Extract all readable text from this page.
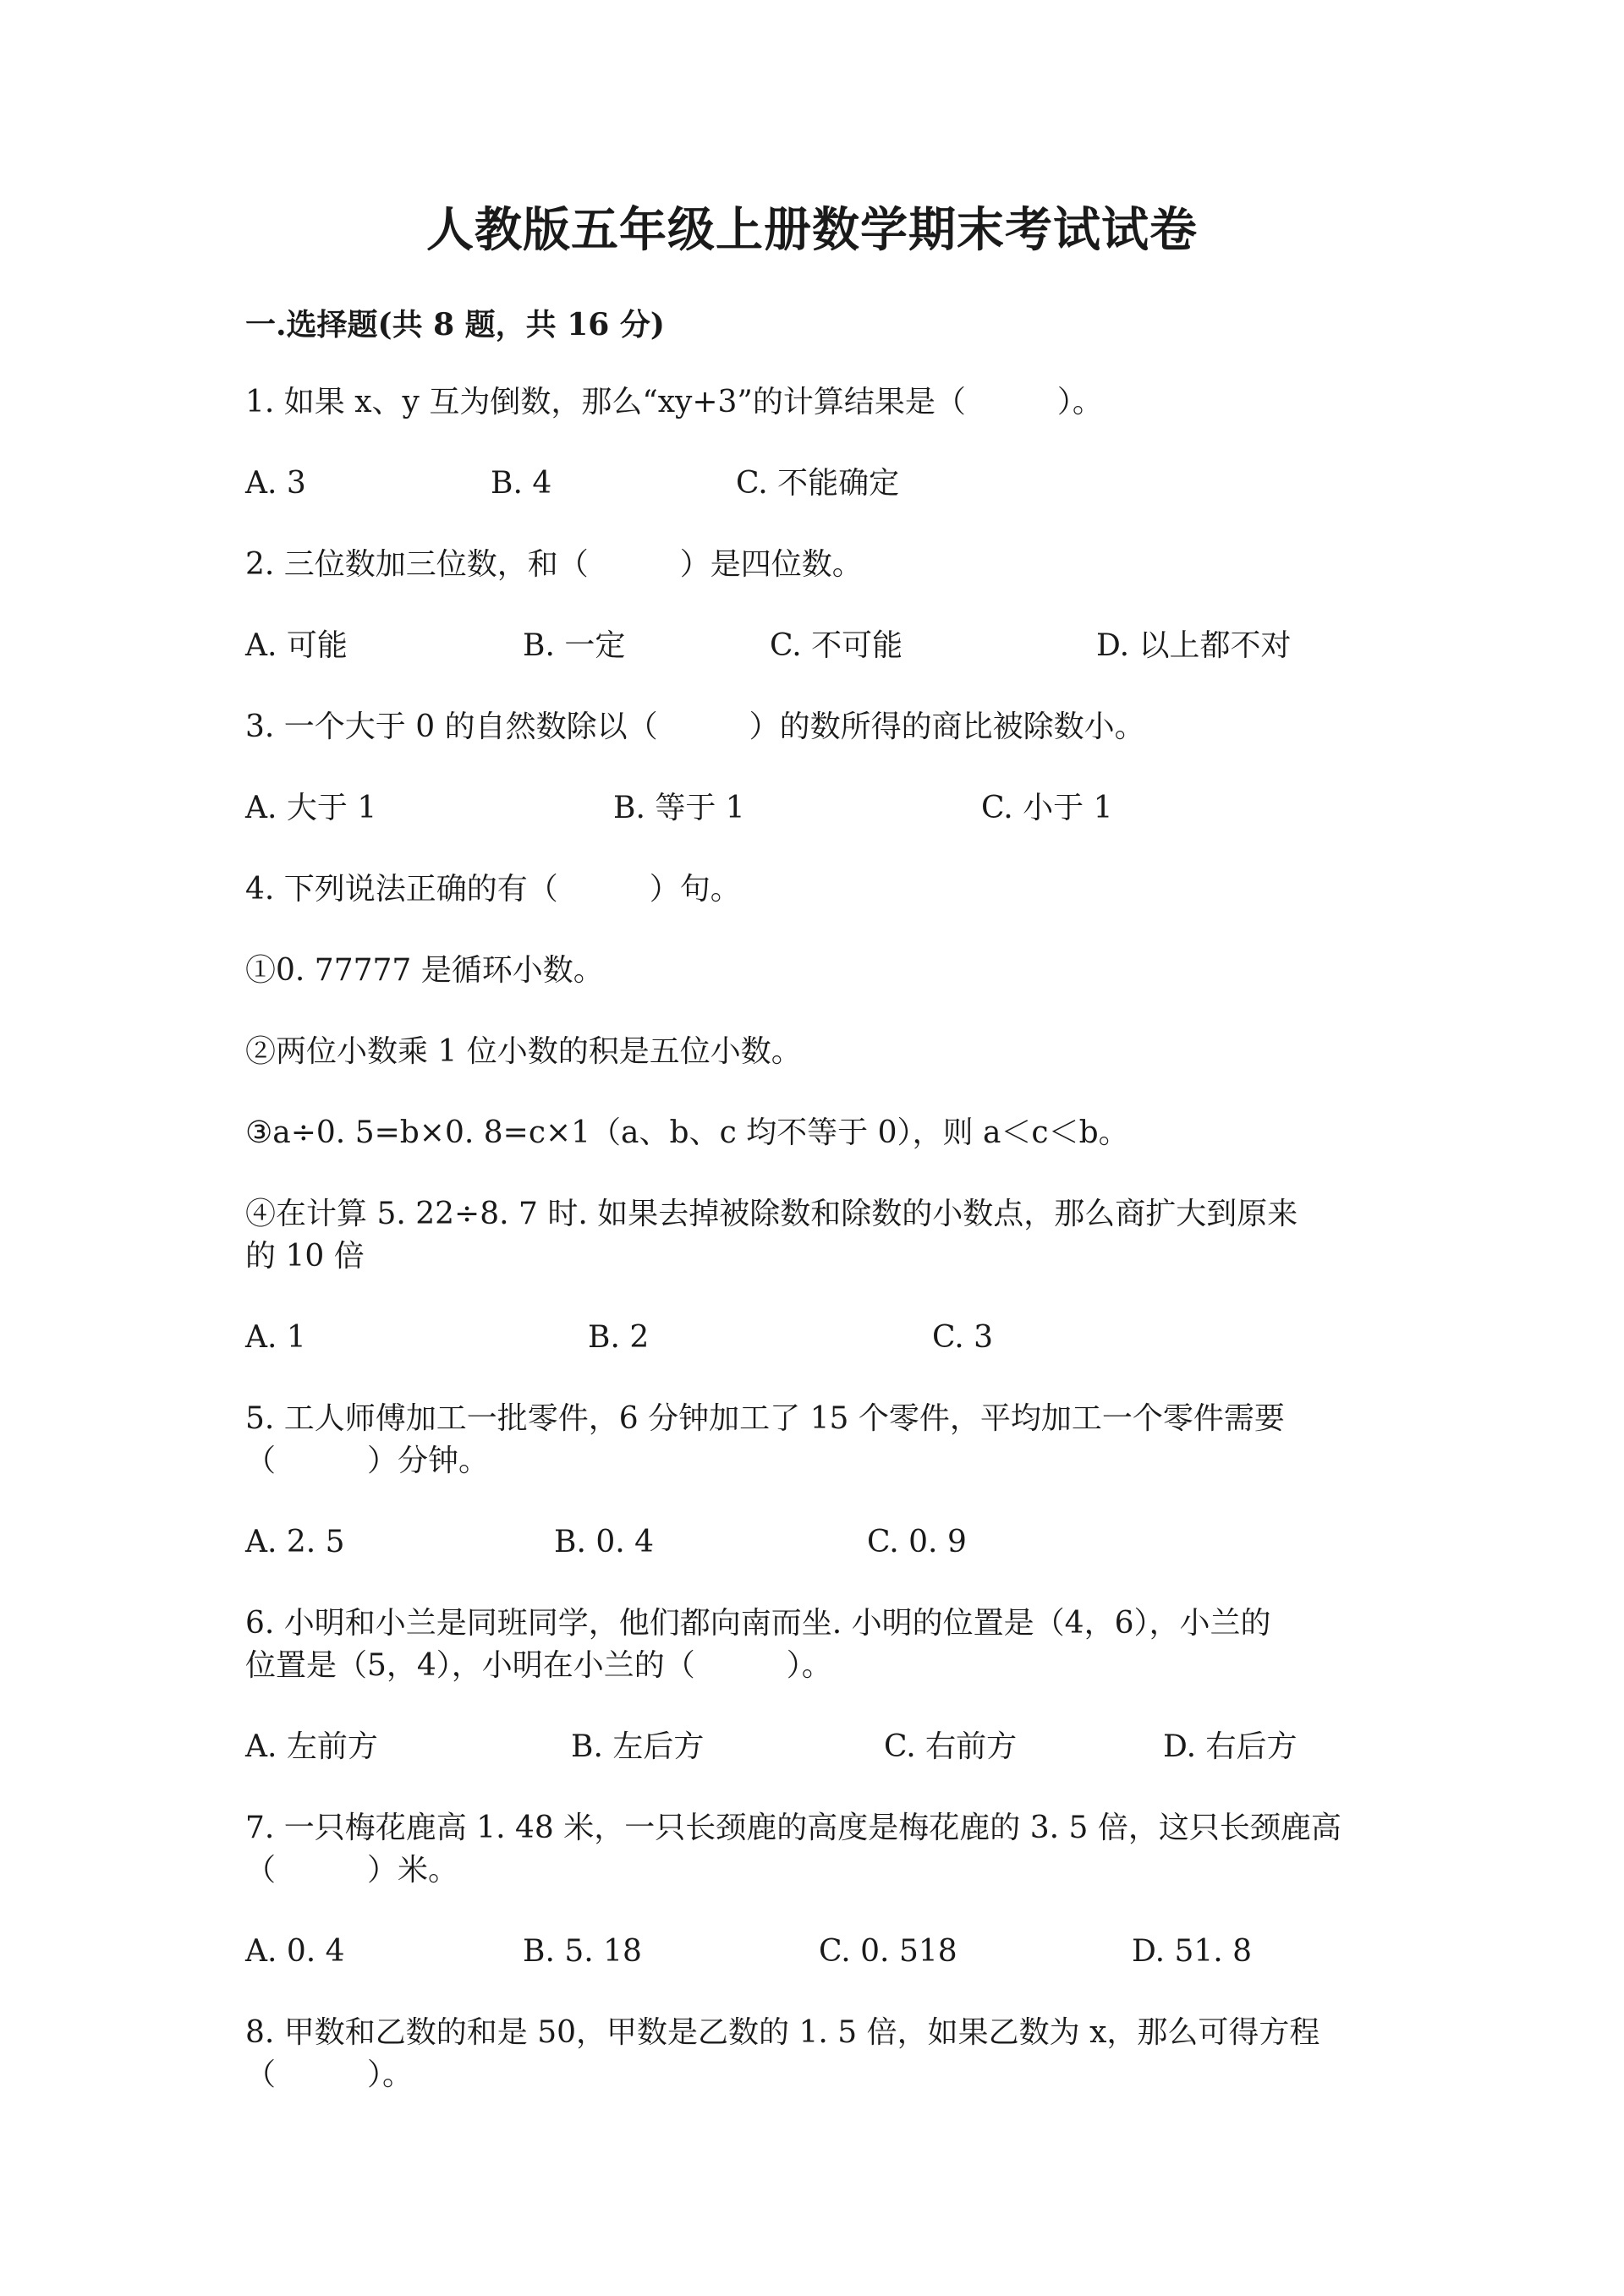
人教版五年级上册数学期末考试试卷
一.选择题(共 8 题，共 16 分)
1. 如果 x、y 互为倒数，那么“xy+3”的计算结果是（　　　）。
A. 3	B. 4	C. 不能确定
2. 三位数加三位数，和（　　　）是四位数。
A. 可能	B. 一定	C. 不可能	D. 以上都不对
3. 一个大于 0 的自然数除以（　　　）的数所得的商比被除数小。
A. 大于 1	B. 等于 1	C. 小于 1
4. 下列说法正确的有（　　　）句。
①0. 77777 是循环小数。
②两位小数乘 1 位小数的积是五位小数。
③a÷0. 5=b×0. 8=c×1（a、b、c 均不等于 0），则 a＜c＜b。
④在计算 5. 22÷8. 7 时. 如果去掉被除数和除数的小数点，那么商扩大到原来
的 10 倍
A. 1	B. 2	C. 3
5. 工人师傅加工一批零件，6 分钟加工了 15 个零件，平均加工一个零件需要
（　　　）分钟。
A. 2. 5	B. 0. 4	C. 0. 9
6. 小明和小兰是同班同学，他们都向南而坐. 小明的位置是（4，6），小兰的
位置是（5，4），小明在小兰的（　　　）。
A. 左前方	B. 左后方	C. 右前方	D. 右后方
7. 一只梅花鹿高 1. 48 米，一只长颈鹿的高度是梅花鹿的 3. 5 倍，这只长颈鹿高
（　　　）米。
A. 0. 4	B. 5. 18	C. 0. 518	D. 51. 8
8. 甲数和乙数的和是 50，甲数是乙数的 1. 5 倍，如果乙数为 x，那么可得方程
（　　　）。
